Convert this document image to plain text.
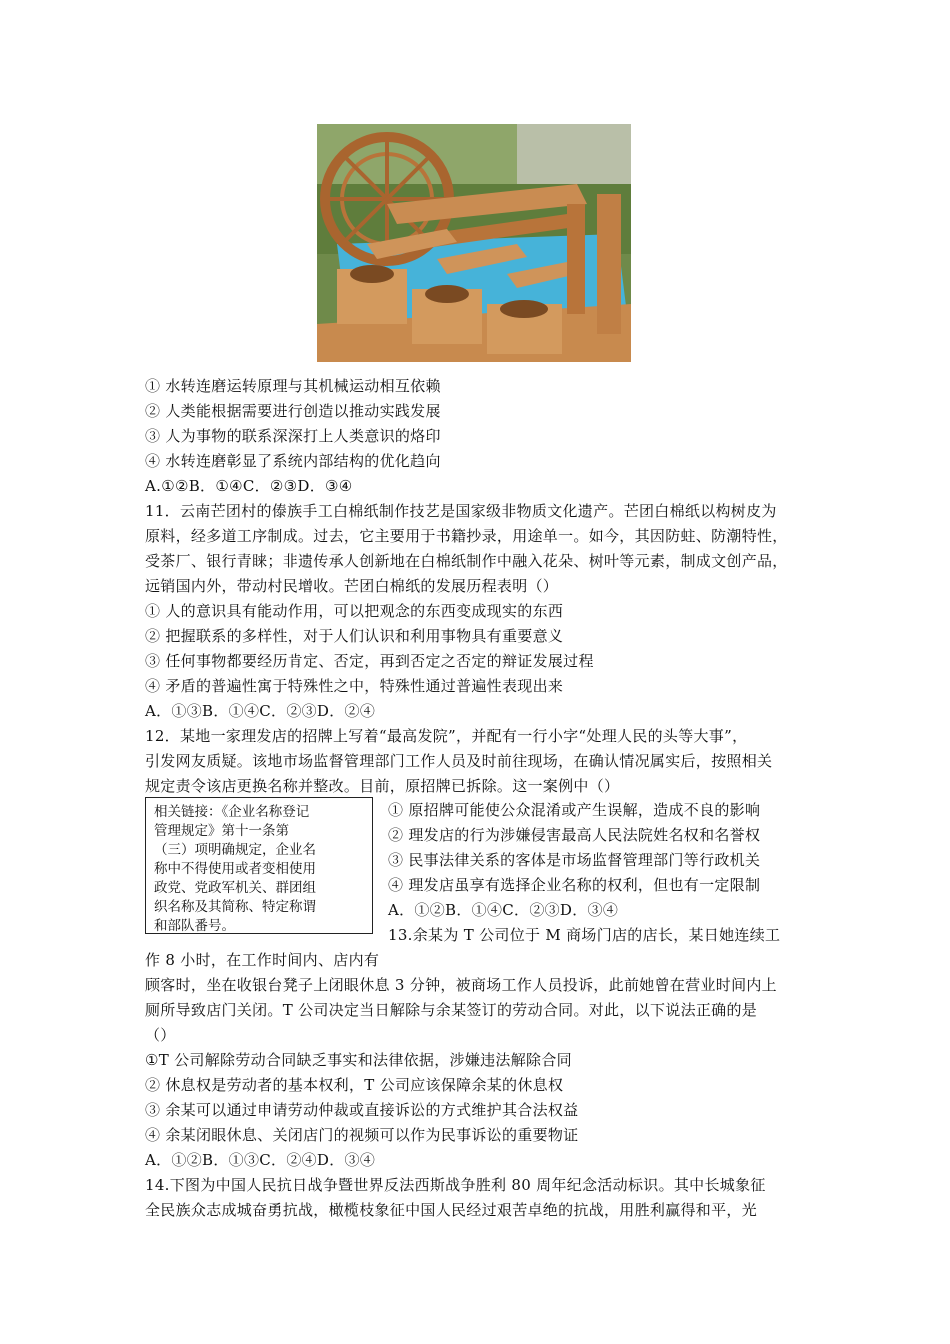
① 水转连磨运转原理与其机械运动相互依赖
② 人类能根据需要进行创造以推动实践发展
③ 人为事物的联系深深打上人类意识的烙印
④ 水转连磨彰显了系统内部结构的优化趋向
A.①②B．①④C．②③D．③④
11．云南芒团村的傣族手工白棉纸制作技艺是国家级非物质文化遗产。芒团白棉纸以构树皮为
原料，经多道工序制成。过去，它主要用于书籍抄录，用途单一。如今，其因防蛀、防潮特性，
受茶厂、银行青睐；非遗传承人创新地在白棉纸制作中融入花朵、树叶等元素，制成文创产品，
远销国内外，带动村民增收。芒团白棉纸的发展历程表明（）
① 人的意识具有能动作用，可以把观念的东西变成现实的东西
② 把握联系的多样性，对于人们认识和利用事物具有重要意义
③ 任何事物都要经历肯定、否定，再到否定之否定的辩证发展过程
④ 矛盾的普遍性寓于特殊性之中，特殊性通过普遍性表现出来
A．①③B．①④C．②③D．②④
12．某地一家理发店的招牌上写着“最高发院”，并配有一行小字“处理人民的头等大事”，
引发网友质疑。该地市场监督管理部门工作人员及时前往现场，在确认情况属实后，按照相关
规定责令该店更换名称并整改。目前，原招牌已拆除。这一案例中（）
相关链接：《企业名称登记
管理规定》第十一条第
（三）项明确规定，企业名
称中不得使用或者变相使用
政党、党政军机关、群团组
织名称及其简称、特定称谓
和部队番号。
① 原招牌可能使公众混淆或产生误解，造成不良的影响
② 理发店的行为涉嫌侵害最高人民法院姓名权和名誉权
③ 民事法律关系的客体是市场监督管理部门等行政机关
④ 理发店虽享有选择企业名称的权利，但也有一定限制
A．①②B．①④C．②③D．③④
13.余某为 T 公司位于 M 商场门店的店长，某日她连续工
作 8 小时，在工作时间内、店内有
顾客时，坐在收银台凳子上闭眼休息 3 分钟，被商场工作人员投诉，此前她曾在营业时间内上
厕所导致店门关闭。T 公司决定当日解除与余某签订的劳动合同。对此，以下说法正确的是
（）
①T 公司解除劳动合同缺乏事实和法律依据，涉嫌违法解除合同
② 休息权是劳动者的基本权利，T 公司应该保障余某的休息权
③ 余某可以通过申请劳动仲裁或直接诉讼的方式维护其合法权益
④ 余某闭眼休息、关闭店门的视频可以作为民事诉讼的重要物证
A．①②B．①③C．②④D．③④
14.下图为中国人民抗日战争暨世界反法西斯战争胜利 80 周年纪念活动标识。其中长城象征
全民族众志成城奋勇抗战，橄榄枝象征中国人民经过艰苦卓绝的抗战，用胜利赢得和平，光
